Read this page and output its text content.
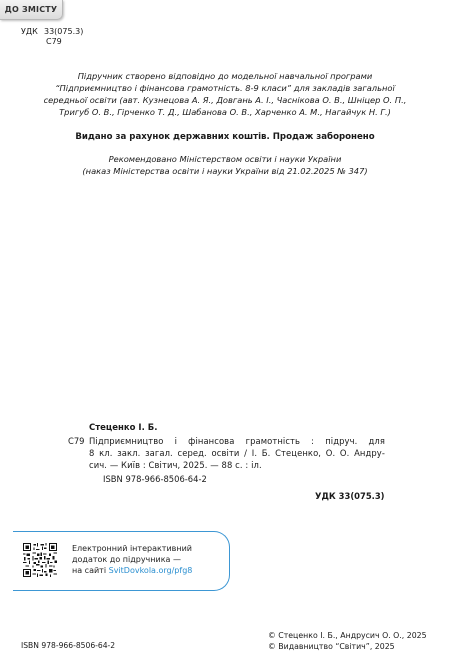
ДО ЗМІСТУ
УДК 33(075.3)
С79
Підручник створено відповідно до модельної навчальної програми
“Підприємництво і фінансова грамотність. 8-9 класи” для закладів загальної
середньої освіти (авт. Кузнецова А. Я., Довгань А. І., Часнікова О. В., Шніцер О. П.,
Тригуб О. В., Гірченко Т. Д., Шабанова О. В., Харченко А. М., Нагайчук Н. Г.)
Видано за рахунок державних коштів. Продаж заборонено
Рекомендовано Міністерством освіти і науки України
(наказ Міністерства освіти і науки України від 21.02.2025 № 347)
Стеценко І. Б.
С79 Підприємництво і фінансова грамотність : підруч. для
8 кл. закл. загал. серед. освіти / І. Б. Стеценко, О. О. Андру-
сич. — Київ : Світич, 2025. — 88 с. : іл.
ISBN 978-966-8506-64-2
УДК 33(075.3)
Електронний інтерактивний
додаток до підручника —
на сайті SvitDovkola.org/pfg8
ISBN 978-966-8506-64-2
© Стеценко І. Б., Андрусич О. О., 2025
© Видавництво “Світич”, 2025
